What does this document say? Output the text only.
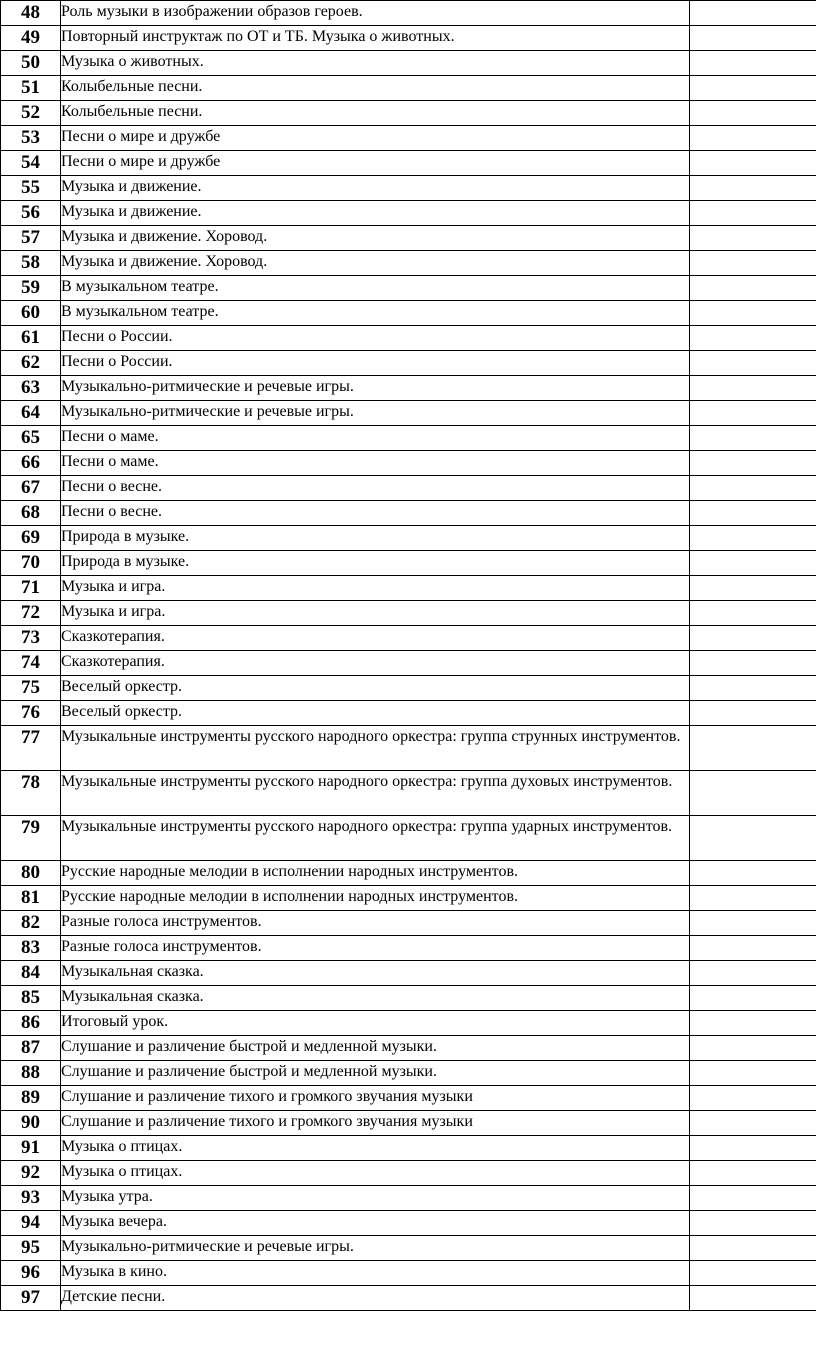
48	Роль музыки в изображении образов героев.	
49	Повторный инструктаж по ОТ и ТБ. Музыка о животных.	
50	Музыка о животных.	
51	Колыбельные песни.	
52	Колыбельные песни.	
53	Песни о мире и дружбе	
54	Песни о мире и дружбе	
55	Музыка и движение.	
56	Музыка и движение.	
57	Музыка и движение. Хоровод.	
58	Музыка и движение. Хоровод.	
59	В музыкальном театре.	
60	В музыкальном театре.	
61	Песни о России.	
62	Песни о России.	
63	Музыкально-ритмические и речевые игры.	
64	Музыкально-ритмические и речевые игры.	
65	Песни о маме.	
66	Песни о маме.	
67	Песни о весне.	
68	Песни о весне.	
69	Природа в музыке.	
70	Природа в музыке.	
71	Музыка и игра.	
72	Музыка и игра.	
73	Сказкотерапия.	
74	Сказкотерапия.	
75	Веселый оркестр.	
76	Веселый оркестр.	
77	Музыкальные инструменты русского народного оркестра: группа струнных инструментов.	
78	Музыкальные инструменты русского народного оркестра: группа духовых инструментов.	
79	Музыкальные инструменты русского народного оркестра: группа ударных инструментов.	
80	Русские народные мелодии в исполнении народных инструментов.	
81	Русские народные мелодии в исполнении народных инструментов.	
82	Разные голоса инструментов.	
83	Разные голоса инструментов.	
84	Музыкальная сказка.	
85	Музыкальная сказка.	
86	Итоговый урок.	
87	Слушание и различение быстрой и медленной музыки.	
88	Слушание и различение быстрой и медленной музыки.	
89	Слушание и различение тихого и громкого звучания музыки	
90	Слушание и различение тихого и громкого звучания музыки	
91	Музыка о птицах.	
92	Музыка о птицах.	
93	Музыка утра.	
94	Музыка вечера.	
95	Музыкально-ритмические и речевые игры.	
96	Музыка в кино.	
97	Детские песни.	
